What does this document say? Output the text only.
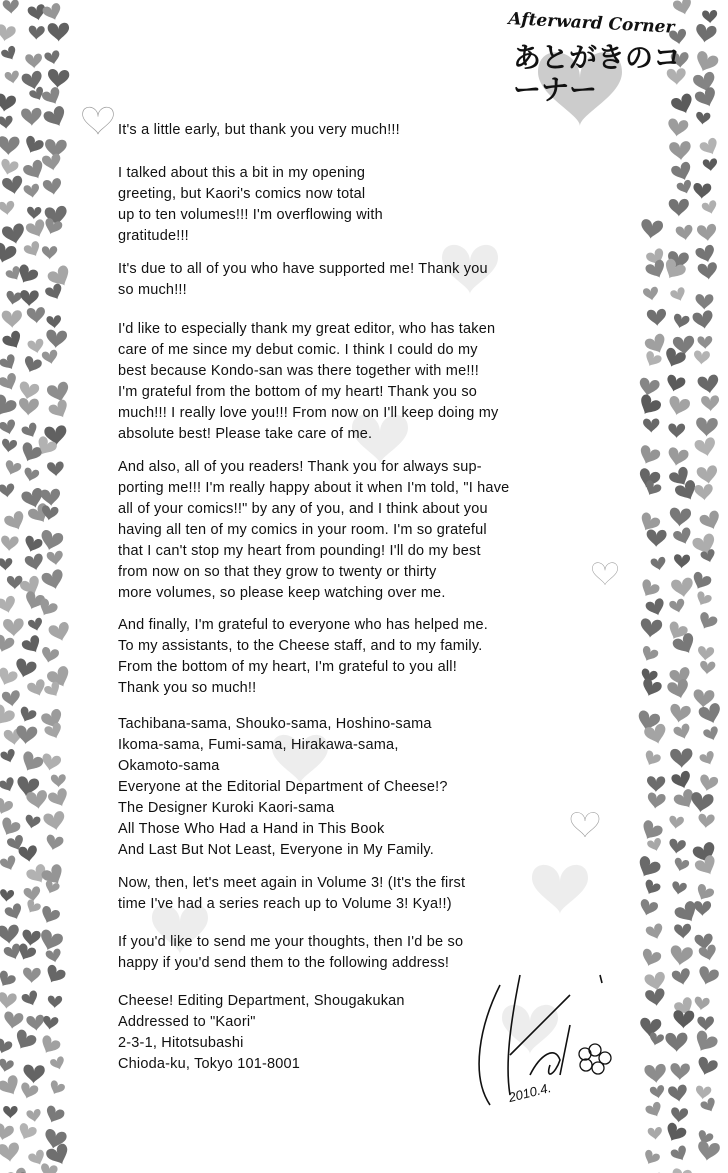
Afterward Corner
あとがきのコーナー
It's a little early, but thank you very much!!!
I talked about this a bit in my opening
greeting, but Kaori's comics now total
up to ten volumes!!! I'm overflowing with
gratitude!!!
It's due to all of you who have supported me! Thank you
so much!!!
I'd like to especially thank my great editor, who has taken
care of me since my debut comic. I think I could do my
best because Kondo-san was there together with me!!!
I'm grateful from the bottom of my heart! Thank you so
much!!! I really love you!!! From now on I'll keep doing my
absolute best! Please take care of me.
And also, all of you readers! Thank you for always sup-
porting me!!! I'm really happy about it when I'm told, "I have
all of your comics!!" by any of you, and I think about you
having all ten of my comics in your room. I'm so grateful
that I can't stop my heart from pounding! I'll do my best
from now on so that they grow to twenty or thirty
more volumes, so please keep watching over me.
And finally, I'm grateful to everyone who has helped me.
To my assistants, to the Cheese staff, and to my family.
From the bottom of my heart, I'm grateful to you all!
Thank you so much!!
Tachibana-sama, Shouko-sama, Hoshino-sama
Ikoma-sama, Fumi-sama, Hirakawa-sama,
Okamoto-sama
Everyone at the Editorial Department of Cheese!?
The Designer Kuroki Kaori-sama
All Those Who Had a Hand in This Book
And Last But Not Least, Everyone in My Family.
Now, then, let's meet again in Volume 3! (It's the first
time I've had a series reach up to Volume 3! Kya!!)
If you'd like to send me your thoughts, then I'd be so
happy if you'd send them to the following address!
Cheese! Editing Department, Shougakukan
Addressed to "Kaori"
2-3-1, Hitotsubashi
Chioda-ku, Tokyo 101-8001
2010.4.
